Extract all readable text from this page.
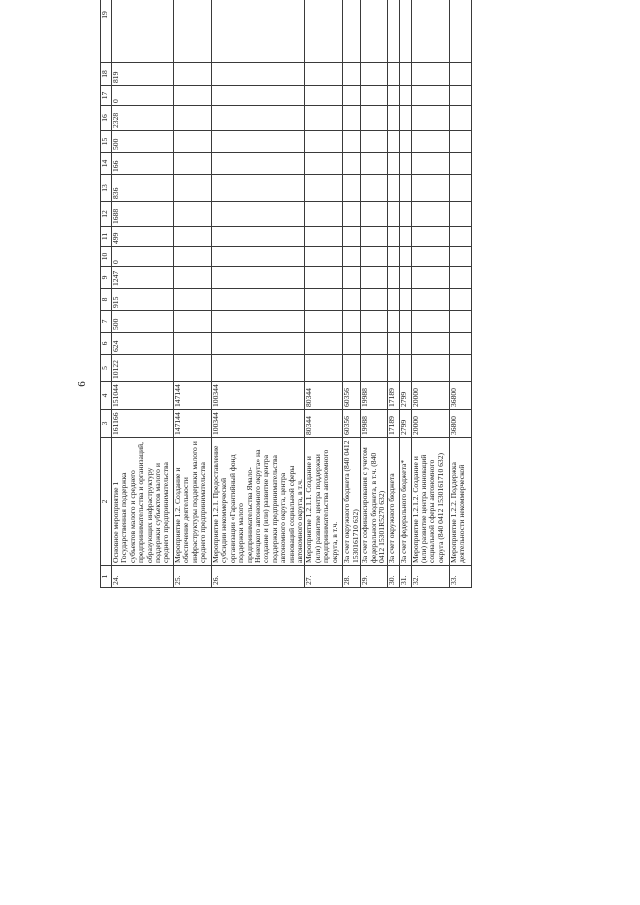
6
1	2	3	4	5	6	7	8	9	10	11	12	13	14	15	16	17	18	19
24.	Основное мероприятие 1 Государственная поддержка субъектов малого и среднего предпринимательства и организаций, образующих инфраструктуру поддержки субъектов малого и среднего предпринимательства	161166	151044	10122	624	500	915	1247	0	499	1688	836	166	500	2328	0	819	
25.	Мероприятие 1.2. Создание и обеспечение деятельности инфраструктуры поддержки малого и среднего предпринимательства	147144	147144															
26.	Мероприятие 1.2.1. Предоставление субсидии некоммерческой организации «Гарантийный фонд поддержки малого предпринимательства Ямало-Ненецкого автономного округа» на создание и (или) развитие центра поддержки предпринимательства автономного округа, центра инноваций социальной сферы автономного округа, в т.ч.	100344	100344															
27.	Мероприятие 1.2.1.1. Создание и (или) развитие центра поддержки предпринимательства автономного округа, в т.ч.	80344	80344															
28.	За счет окружного бюджета (840 0412 1530161710 632)	60356	60356															
29.	За счет софинансирования с учетом федерального бюджета, в т.ч. (840 0412 15301R5270 632)	19988	19988															
30.	За счет окружного бюджета	17189	17189															
31.	За счет федерального бюджета*	2799	2799															
32.	Мероприятие 1.2.1.2. Создание и (или) развитие центра инноваций социальной сферы автономного округа (840 0412 1530161710 632)	20000	20000															
33.	Мероприятие 1.2.2. Поддержка деятельности некоммерческой	36800	36800															
